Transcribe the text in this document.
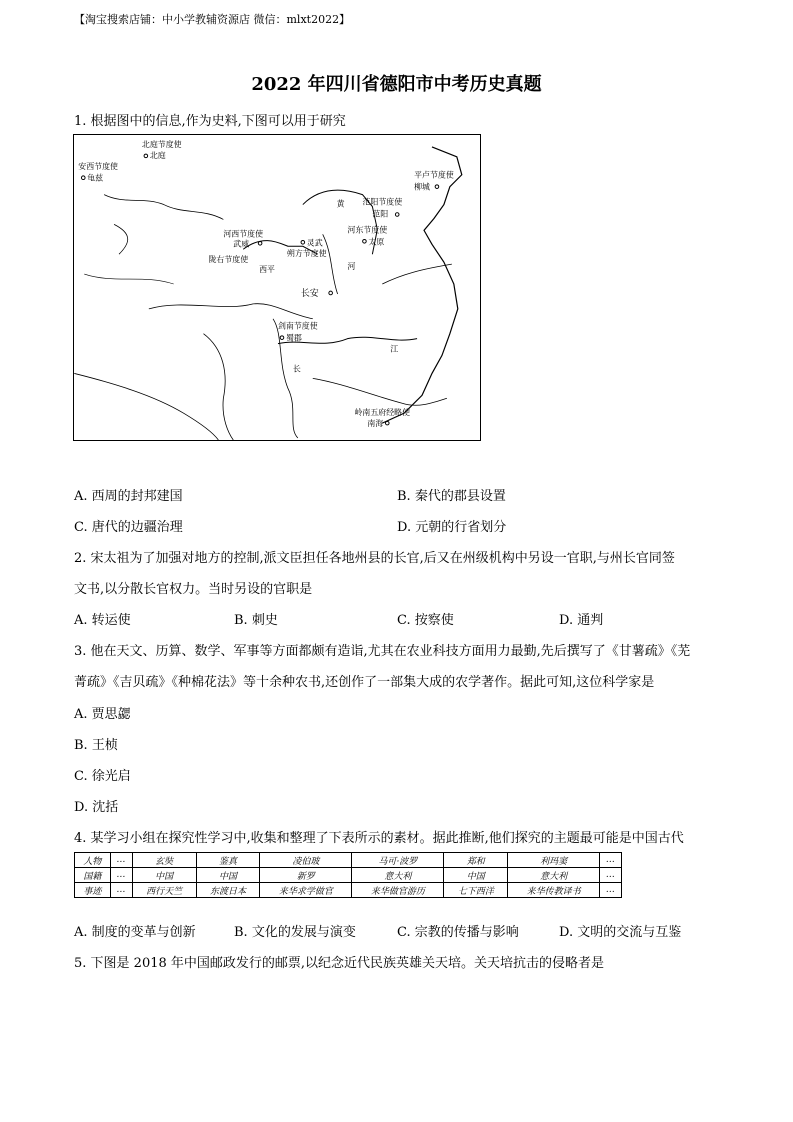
【淘宝搜索店铺：中小学教辅资源店 微信：mlxt2022】
2022 年四川省德阳市中考历史真题
1. 根据图中的信息,作为史料,下图可以用于研究
北庭节度使
北庭
安西节度使
龟兹	平卢节度使
柳城
范阳节度使
范阳
河西节度使
武威	灵武
朔方节度使
河东节度使
太原
陇右节度使
西平
长安
剑南节度使
蜀郡
岭南五府经略使
南海
黄
河
江
长
A. 西周的封邦建国	B. 秦代的郡县设置
C. 唐代的边疆治理	D. 元朝的行省划分
2. 宋太祖为了加强对地方的控制,派文臣担任各地州县的长官,后又在州级机构中另设一官职,与州长官同签
文书,以分散长官权力。当时另设的官职是
A. 转运使	B. 刺史	C. 按察使	D. 通判
3. 他在天文、历算、数学、军事等方面都颇有造诣,尤其在农业科技方面用力最勤,先后撰写了《甘薯疏》《芜
菁疏》《吉贝疏》《种棉花法》等十余种农书,还创作了一部集大成的农学著作。据此可知,这位科学家是
A. 贾思勰
B. 王桢
C. 徐光启
D. 沈括
4. 某学习小组在探究性学习中,收集和整理了下表所示的素材。据此推断,他们探究的主题最可能是中国古代
人物	…	玄奘	鉴真	凌伯玻	马可·波罗	郑和	利玛窦	…
国籍	…	中国	中国	新罗	意大利	中国	意大利	…
事迹	…	西行天竺	东渡日本	来华求学做官	来华做官游历	七下西洋	来华传教译书	…
A. 制度的变革与创新	B. 文化的发展与演变	C. 宗教的传播与影响	D. 文明的交流与互鉴
5. 下图是 2018 年中国邮政发行的邮票,以纪念近代民族英雄关天培。关天培抗击的侵略者是
